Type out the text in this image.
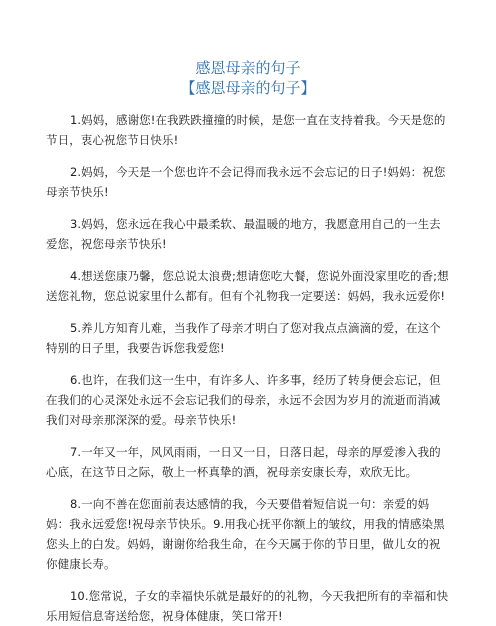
感恩母亲的句子
【感恩母亲的句子】

1.妈妈，感谢您!在我跌跌撞撞的时候，是您一直在支持着我。今天是您的节日，衷心祝您节日快乐!

2.妈妈，今天是一个您也许不会记得而我永远不会忘记的日子!妈妈：祝您母亲节快乐!

3.妈妈，您永远在我心中最柔软、最温暖的地方，我愿意用自己的一生去爱您，祝您母亲节快乐!

4.想送您康乃馨，您总说太浪费;想请您吃大餐，您说外面没家里吃的香;想送您礼物，您总说家里什么都有。但有个礼物我一定要送：妈妈，我永远爱你!

5.养儿方知育儿难，当我作了母亲才明白了您对我点点滴滴的爱，在这个特别的日子里，我要告诉您我爱您!

6.也许，在我们这一生中，有许多人、许多事，经历了转身便会忘记，但在我们的心灵深处永远不会忘记我们的母亲，永远不会因为岁月的流逝而消减我们对母亲那深深的爱。母亲节快乐!

7.一年又一年，风风雨雨，一日又一日，日落日起，母亲的厚爱渗入我的心底，在这节日之际，敬上一杯真挚的酒，祝母亲安康长寿，欢欣无比。

8.一向不善在您面前表达感情的我，今天要借着短信说一句：亲爱的妈妈：我永远爱您!祝母亲节快乐。9.用我心抚平你额上的皱纹，用我的情感染黑您头上的白发。妈妈，谢谢你给我生命，在今天属于你的节日里，做儿女的祝你健康长寿。

10.您常说，子女的幸福快乐就是最好的的礼物，今天我把所有的幸福和快乐用短信息寄送给您，祝身体健康，笑口常开!
